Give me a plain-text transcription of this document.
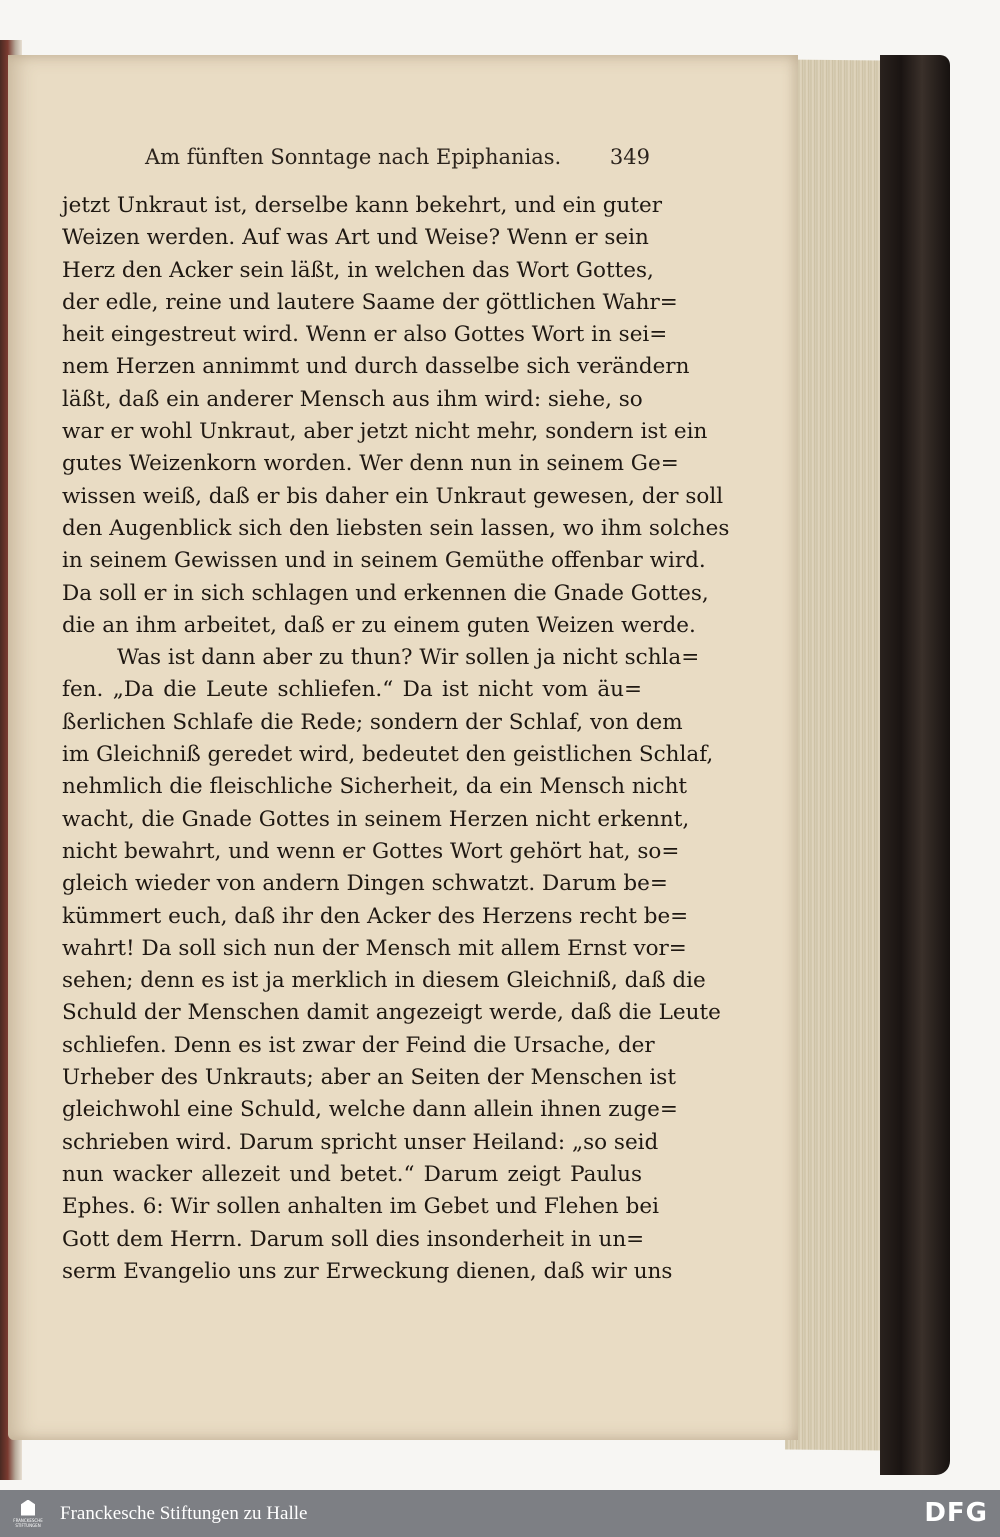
Am fünften Sonntage nach Epiphanias. 349
jetzt Unkraut ist, derselbe kann bekehrt, und ein guter
Weizen werden. Auf was Art und Weise? Wenn er sein
Herz den Acker sein läßt, in welchen das Wort Gottes,
der edle, reine und lautere Saame der göttlichen Wahr=
heit eingestreut wird. Wenn er also Gottes Wort in sei=
nem Herzen annimmt und durch dasselbe sich verändern
läßt, daß ein anderer Mensch aus ihm wird: siehe, so
war er wohl Unkraut, aber jetzt nicht mehr, sondern ist ein
gutes Weizenkorn worden. Wer denn nun in seinem Ge=
wissen weiß, daß er bis daher ein Unkraut gewesen, der soll
den Augenblick sich den liebsten sein lassen, wo ihm solches
in seinem Gewissen und in seinem Gemüthe offenbar wird.
Da soll er in sich schlagen und erkennen die Gnade Gottes,
die an ihm arbeitet, daß er zu einem guten Weizen werde.
Was ist dann aber zu thun? Wir sollen ja nicht schla=
fen. „Da die Leute schliefen.“ Da ist nicht vom äu=
ßerlichen Schlafe die Rede; sondern der Schlaf, von dem
im Gleichniß geredet wird, bedeutet den geistlichen Schlaf,
nehmlich die fleischliche Sicherheit, da ein Mensch nicht
wacht, die Gnade Gottes in seinem Herzen nicht erkennt,
nicht bewahrt, und wenn er Gottes Wort gehört hat, so=
gleich wieder von andern Dingen schwatzt. Darum be=
kümmert euch, daß ihr den Acker des Herzens recht be=
wahrt! Da soll sich nun der Mensch mit allem Ernst vor=
sehen; denn es ist ja merklich in diesem Gleichniß, daß die
Schuld der Menschen damit angezeigt werde, daß die Leute
schliefen. Denn es ist zwar der Feind die Ursache, der
Urheber des Unkrauts; aber an Seiten der Menschen ist
gleichwohl eine Schuld, welche dann allein ihnen zuge=
schrieben wird. Darum spricht unser Heiland: „so seid
nun wacker allezeit und betet.“ Darum zeigt Paulus
Ephes. 6: Wir sollen anhalten im Gebet und Flehen bei
Gott dem Herrn. Darum soll dies insonderheit in un=
serm Evangelio uns zur Erweckung dienen, daß wir uns
FRANCKESCHE STIFTUNGEN
Franckesche Stiftungen zu Halle	DFG
